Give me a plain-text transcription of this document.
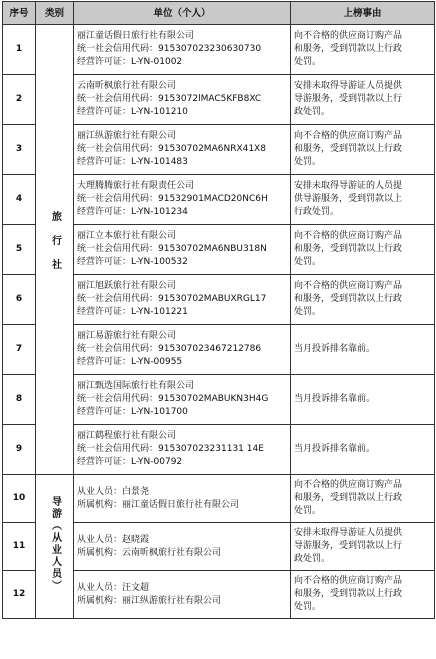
序号	类别	单位（个人）	上榜事由
1	旅行社	丽江童话假日旅行社有限公司
统一社会信用代码：915307023230630730
经营许可证：L-YN-01002	向不合格的供应商订购产品
和服务，受到罚款以上行政
处罚。

2		云南昕枫旅行社有限公司
统一社会信用代码：9153072lMAC5KFB8XC
经营许可证：L-YN-101210	安排未取得导游证人员提供
导游服务，受到罚款以上行
政处罚。

3		丽江纵游旅行社有限公司
统一社会信用代码：91530702MA6NRX41X8
经营许可证：L-YN-101483	向不合格的供应商订购产品
和服务，受到罚款以上行政
处罚。

4		大理腾腾旅行社有限责任公司
统一社会信用代码：91532901MACD20NC6H
经营许可证：L-YN-101234	安排未取得导游证的人员提
供导游服务，受到罚款以上
行政处罚。

5		丽江立本旅行社有限公司
统一社会信用代码：91530702MA6NBU318N
经营许可证：L-YN-100532	向不合格的供应商订购产品
和服务，受到罚款以上行政
处罚。

6		丽江旭跃旅行社有限公司
统一社会信用代码：91530702MABUXRGL17
经营许可证：L-YN-101221	向不合格的供应商订购产品
和服务，受到罚款以上行政
处罚。

7		丽江易游旅行社有限公司
统一社会信用代码：915307023467212786
经营许可证：L-YN-00955	当月投诉排名靠前。

8		丽江甄选国际旅行社有限公司
统一社会信用代码：91530702MABUKN3H4G
经营许可证：L-YN-101700	当月投诉排名靠前。

9		丽江鹤程旅行社有限公司
统一社会信用代码：915307023231131 14E
经营许可证：L-YN-00792	当月投诉排名靠前。

10	导游（从业人员）	从业人员：白景尧
所属机构：丽江童话假日旅行社有限公司	向不合格的供应商订购产品
和服务，受到罚款以上行政
处罚。

11		从业人员：赵晓霞
所属机构：云南昕枫旅行社有限公司	安排未取得导游证人员提供
导游服务，受到罚款以上行
政处罚。

12		从业人员：汪文超
所属机构：丽江纵游旅行社有限公司	向不合格的供应商订购产品
和服务，受到罚款以上行政
处罚。
